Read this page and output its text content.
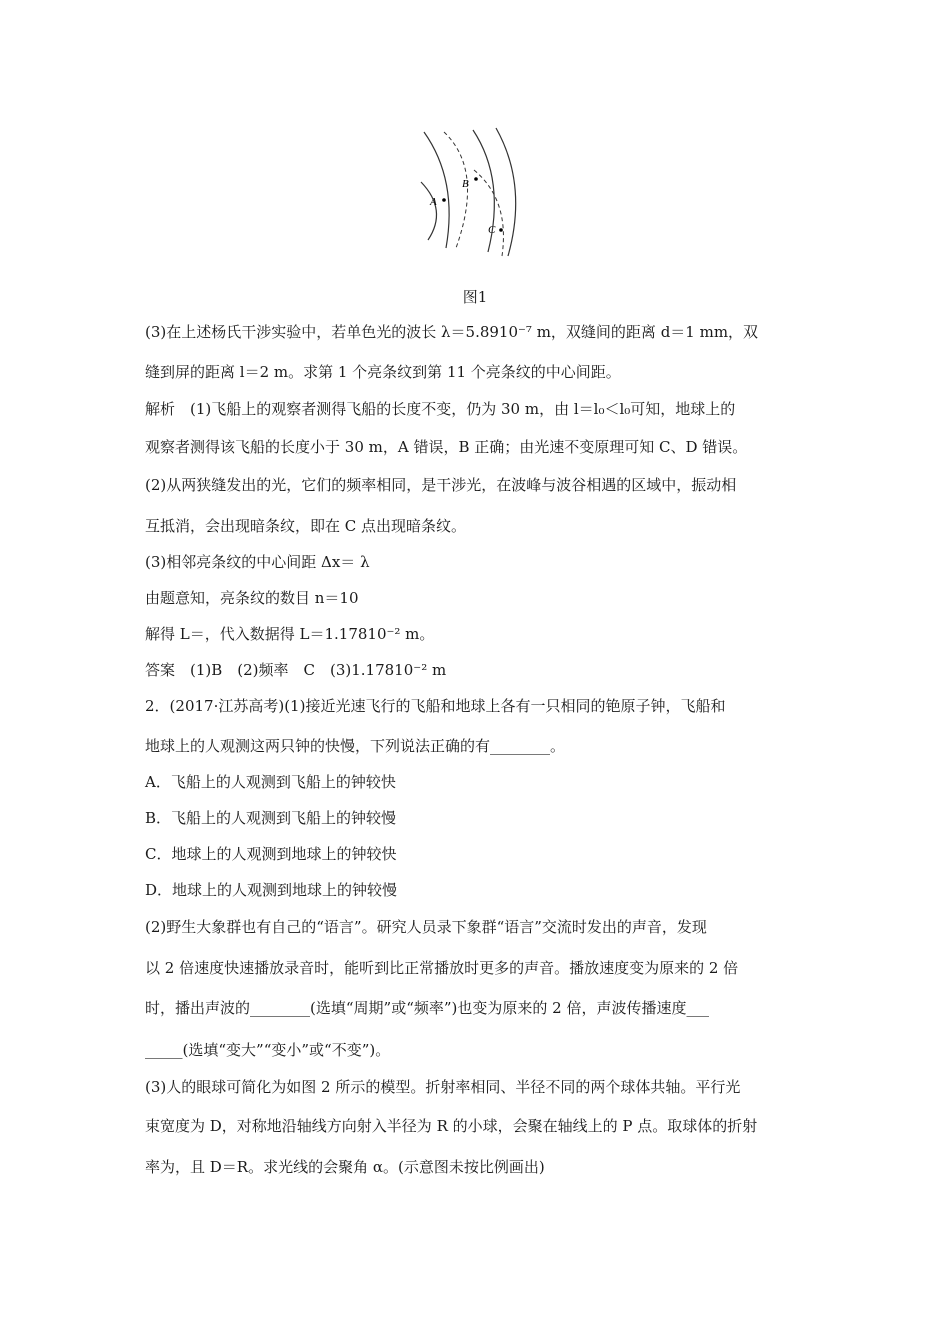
A
B
C
图1
(3)在上述杨氏干涉实验中，若单色光的波长 λ＝5.8910⁻⁷ m，双缝间的距离 d＝1 mm，双
缝到屏的距离 l＝2 m。求第 1 个亮条纹到第 11 个亮条纹的中心间距。
解析　(1)飞船上的观察者测得飞船的长度不变，仍为 30 m，由 l＝l₀＜l₀可知，地球上的
观察者测得该飞船的长度小于 30 m，A 错误，B 正确；由光速不变原理可知 C、D 错误。
(2)从两狭缝发出的光，它们的频率相同，是干涉光，在波峰与波谷相遇的区域中，振动相
互抵消，会出现暗条纹，即在 C 点出现暗条纹。
(3)相邻亮条纹的中心间距 Δx＝ λ
由题意知，亮条纹的数目 n＝10
解得 L＝，代入数据得 L＝1.17810⁻² m。
答案　(1)B　(2)频率　C　(3)1.17810⁻² m
2．(2017·江苏高考)(1)接近光速飞行的飞船和地球上各有一只相同的铯原子钟，飞船和
地球上的人观测这两只钟的快慢，下列说法正确的有________。
A．飞船上的人观测到飞船上的钟较快
B．飞船上的人观测到飞船上的钟较慢
C．地球上的人观测到地球上的钟较快
D．地球上的人观测到地球上的钟较慢
(2)野生大象群也有自己的“语言”。研究人员录下象群“语言”交流时发出的声音，发现
以 2 倍速度快速播放录音时，能听到比正常播放时更多的声音。播放速度变为原来的 2 倍
时，播出声波的________(选填“周期”或“频率”)也变为原来的 2 倍，声波传播速度___
_____(选填“变大”“变小”或“不变”)。
(3)人的眼球可简化为如图 2 所示的模型。折射率相同、半径不同的两个球体共轴。平行光
束宽度为 D，对称地沿轴线方向射入半径为 R 的小球，会聚在轴线上的 P 点。取球体的折射
率为，且 D＝R。求光线的会聚角 α。(示意图未按比例画出)
